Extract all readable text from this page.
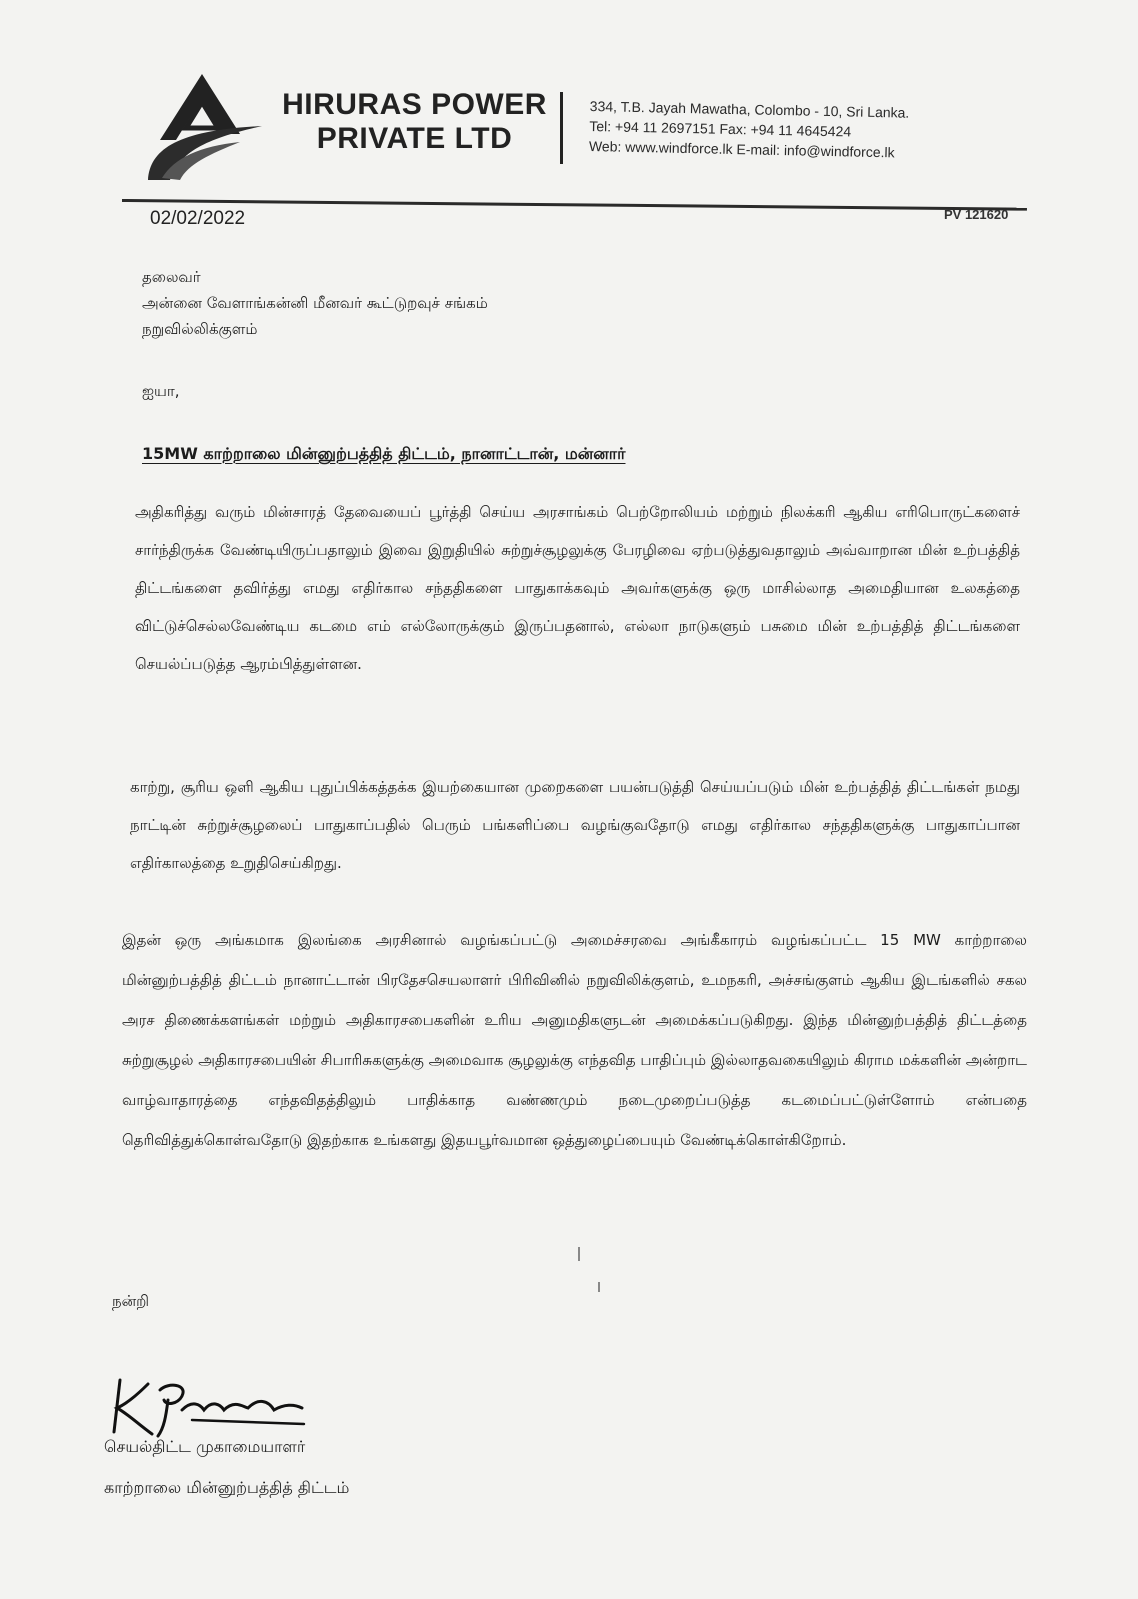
HIRURAS POWER
PRIVATE LTD
334, T.B. Jayah Mawatha, Colombo - 10, Sri Lanka.
Tel: +94 11 2697151 Fax: +94 11 4645424
Web: www.windforce.lk E-mail: info@windforce.lk
02/02/2022	PV 121620
தலைவர்
அன்னை வேளாங்கன்னி மீனவர் கூட்டுறவுச் சங்கம்
நறுவில்லிக்குளம்
ஐயா,
15MW காற்றாலை மின்னுற்பத்தித் திட்டம், நானாட்டான், மன்னார்
அதிகரித்து வரும் மின்சாரத் தேவையைப் பூர்த்தி செய்ய அரசாங்கம் பெற்றோலியம் மற்றும் நிலக்கரி ஆகிய எரிபொருட்களைச் சார்ந்திருக்க வேண்டியிருப்பதாலும் இவை இறுதியில் சுற்றுச்சூழலுக்கு பேரழிவை ஏற்படுத்துவதாலும் அவ்வாறான மின் உற்பத்தித் திட்டங்களை தவிர்த்து எமது எதிர்கால சந்ததிகளை பாதுகாக்கவும் அவர்களுக்கு ஒரு மாசில்லாத அமைதியான உலகத்தை விட்டுச்செல்லவேண்டிய கடமை எம் எல்லோருக்கும் இருப்பதனால், எல்லா நாடுகளும் பசுமை மின் உற்பத்தித் திட்டங்களை செயல்ப்படுத்த ஆரம்பித்துள்ளன.
காற்று, சூரிய ஒளி ஆகிய புதுப்பிக்கத்தக்க இயற்கையான முறைகளை பயன்படுத்தி செய்யப்படும் மின் உற்பத்தித் திட்டங்கள் நமது நாட்டின் சுற்றுச்சூழலைப் பாதுகாப்பதில் பெரும் பங்களிப்பை வழங்குவதோடு எமது எதிர்கால சந்ததிகளுக்கு பாதுகாப்பான எதிர்காலத்தை உறுதிசெய்கிறது.
இதன் ஒரு அங்கமாக இலங்கை அரசினால் வழங்கப்பட்டு அமைச்சரவை அங்கீகாரம் வழங்கப்பட்ட 15 MW காற்றாலை மின்னுற்பத்தித் திட்டம் நானாட்டான் பிரதேசசெயலாளர் பிரிவினில் நறுவிலிக்குளம், உமநகரி, அச்சங்குளம் ஆகிய இடங்களில் சகல அரச திணைக்களங்கள் மற்றும் அதிகாரசபைகளின் உரிய அனுமதிகளுடன் அமைக்கப்படுகிறது. இந்த மின்னுற்பத்தித் திட்டத்தை சுற்றுசூழல் அதிகாரசபையின் சிபாரிசுகளுக்கு அமைவாக சூழலுக்கு எந்தவித பாதிப்பும் இல்லாதவகையிலும் கிராம மக்களின் அன்றாட வாழ்வாதாரத்தை எந்தவிதத்திலும் பாதிக்காத வண்ணமும் நடைமுறைப்படுத்த கடமைப்பட்டுள்ளோம் என்பதை தெரிவித்துக்கொள்வதோடு இதற்காக உங்களது இதயபூர்வமான ஒத்துழைப்பையும் வேண்டிக்கொள்கிறோம்.
நன்றி
செயல்திட்ட முகாமையாளர்
காற்றாலை மின்னுற்பத்தித் திட்டம்
